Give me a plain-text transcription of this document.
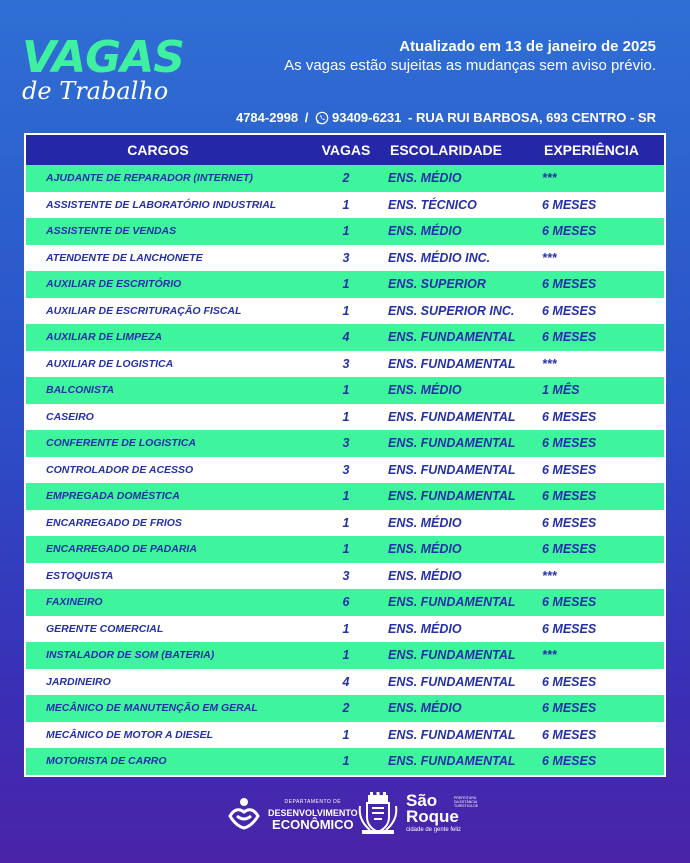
VAGAS
de Trabalho
Atualizado em 13 de janeiro de 2025
As vagas estão sujeitas as mudanças sem aviso prévio.
4784-2998 / 93409-6231 - RUA RUI BARBOSA, 693 CENTRO - SR
CARGOS	VAGAS	ESCOLARIDADE	EXPERIÊNCIA
AJUDANTE DE REPARADOR (INTERNET)	2	ENS. MÉDIO	***
ASSISTENTE DE LABORATÓRIO INDUSTRIAL	1	ENS. TÉCNICO	6 MESES
ASSISTENTE DE VENDAS	1	ENS. MÉDIO	6 MESES
ATENDENTE DE LANCHONETE	3	ENS. MÉDIO INC.	***
AUXILIAR DE ESCRITÓRIO	1	ENS. SUPERIOR	6 MESES
AUXILIAR DE ESCRITURAÇÃO FISCAL	1	ENS. SUPERIOR INC.	6 MESES
AUXILIAR DE LIMPEZA	4	ENS. FUNDAMENTAL	6 MESES
AUXILIAR DE LOGISTICA	3	ENS. FUNDAMENTAL	***
BALCONISTA	1	ENS. MÉDIO	1 MÊS
CASEIRO	1	ENS. FUNDAMENTAL	6 MESES
CONFERENTE DE LOGISTICA	3	ENS. FUNDAMENTAL	6 MESES
CONTROLADOR DE ACESSO	3	ENS. FUNDAMENTAL	6 MESES
EMPREGADA DOMÉSTICA	1	ENS. FUNDAMENTAL	6 MESES
ENCARREGADO DE FRIOS	1	ENS. MÉDIO	6 MESES
ENCARREGADO DE PADARIA	1	ENS. MÉDIO	6 MESES
ESTOQUISTA	3	ENS. MÉDIO	***
FAXINEIRO	6	ENS. FUNDAMENTAL	6 MESES
GERENTE COMERCIAL	1	ENS. MÉDIO	6 MESES
INSTALADOR DE SOM (BATERIA)	1	ENS. FUNDAMENTAL	***
JARDINEIRO	4	ENS. FUNDAMENTAL	6 MESES
MECÂNICO DE MANUTENÇÃO EM GERAL	2	ENS. MÉDIO	6 MESES
MECÂNICO DE MOTOR A DIESEL	1	ENS. FUNDAMENTAL	6 MESES
MOTORISTA DE CARRO	1	ENS. FUNDAMENTAL	6 MESES
DEPARTAMENTO DE
DESENVOLVIMENTO
ECONÔMICO
São	PREFEITURA DA ESTÂNCIA TURÍSTICA DE
Roque
cidade de gente feliz
